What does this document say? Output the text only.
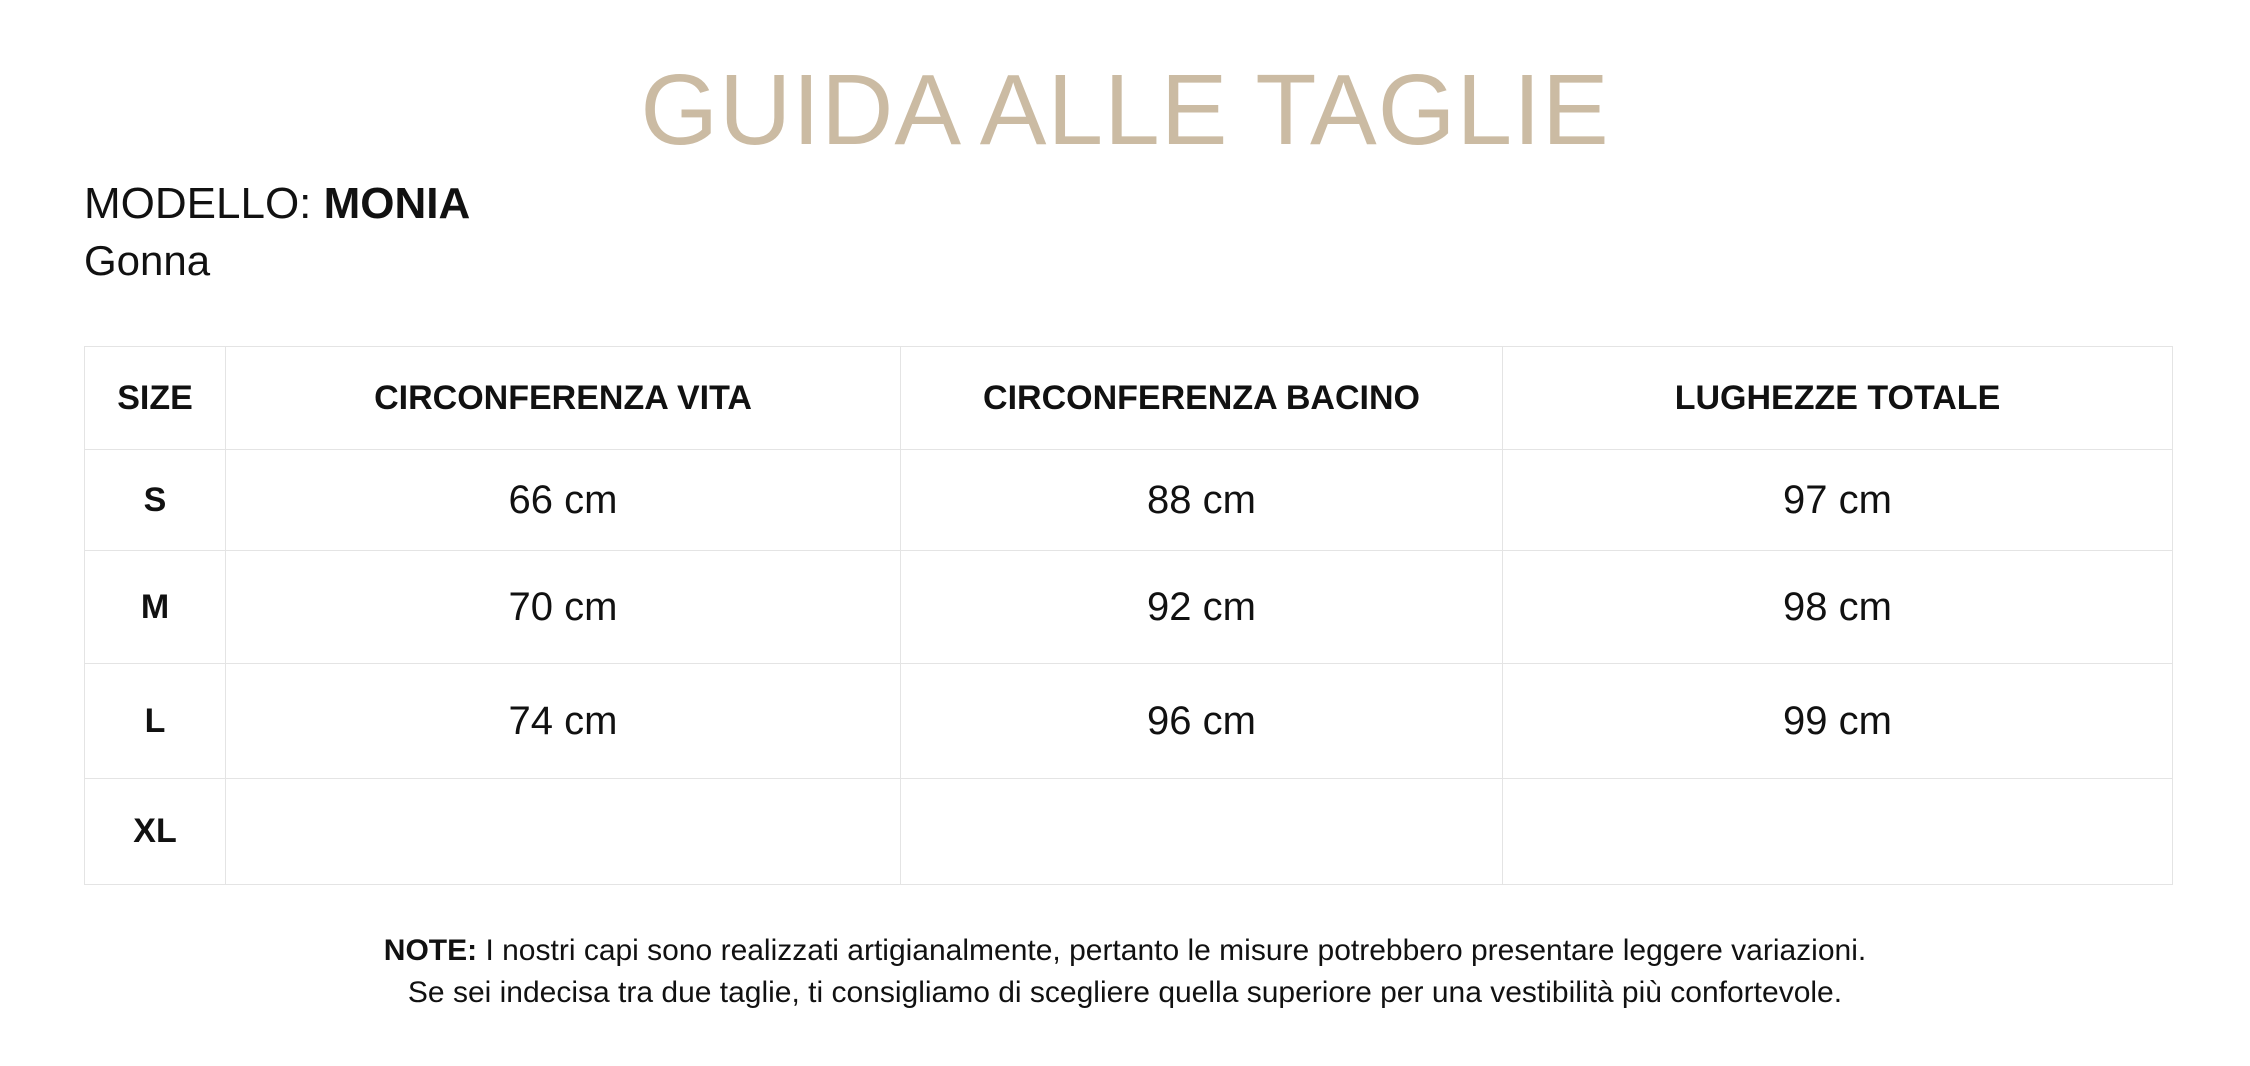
GUIDA ALLE TAGLIE
MODELLO: MONIA
Gonna
SIZE	CIRCONFERENZA VITA	CIRCONFERENZA BACINO	LUGHEZZE TOTALE
S	66 cm	88 cm	97 cm
M	70 cm	92 cm	98 cm
L	74 cm	96 cm	99 cm
XL			
NOTE: I nostri capi sono realizzati artigianalmente, pertanto le misure potrebbero presentare leggere variazioni.
Se sei indecisa tra due taglie, ti consigliamo di scegliere quella superiore per una vestibilità più confortevole.
